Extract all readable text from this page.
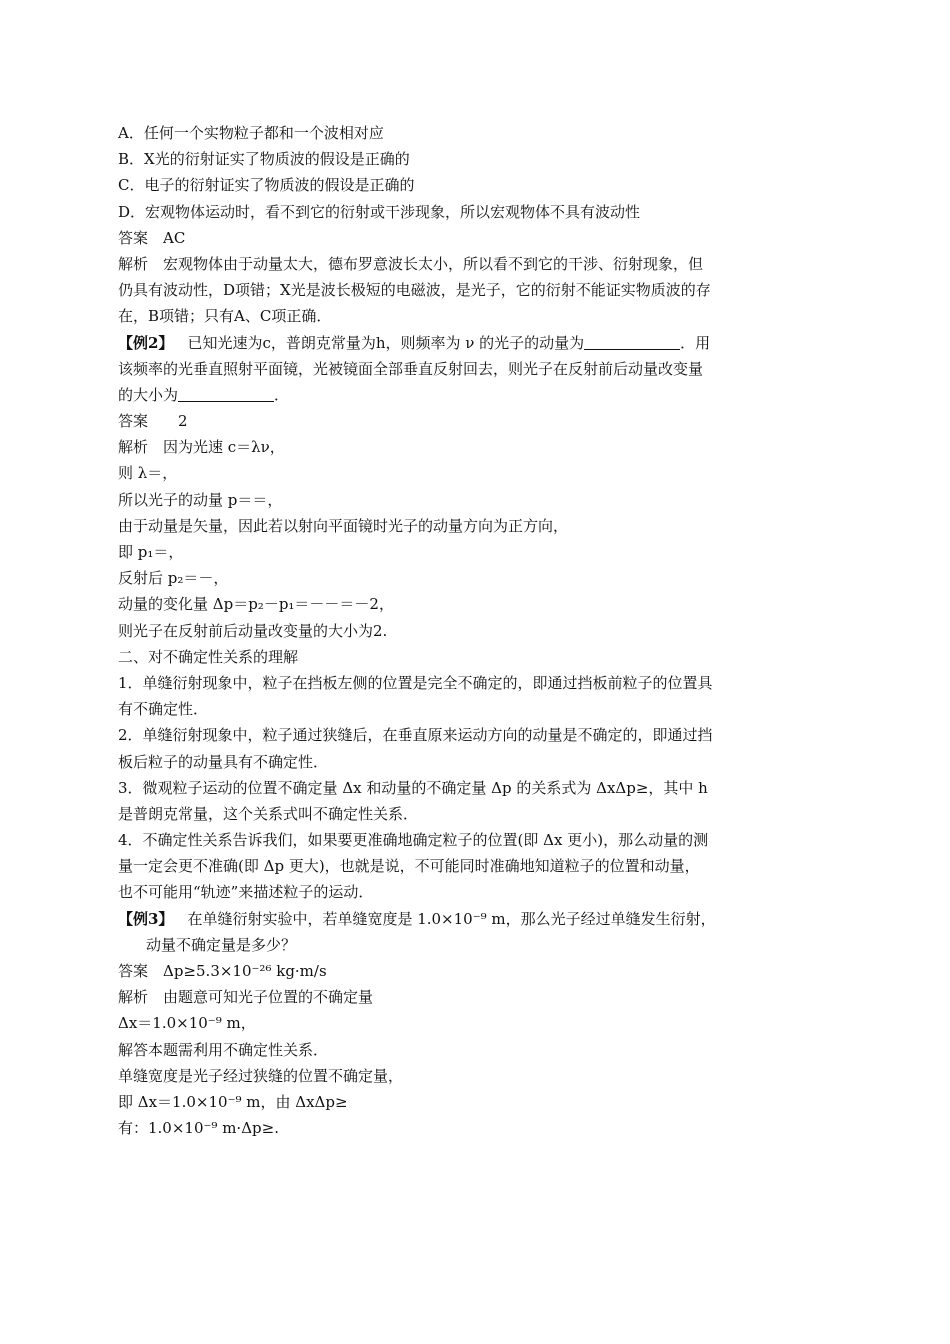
A．任何一个实物粒子都和一个波相对应
B．X光的衍射证实了物质波的假设是正确的
C．电子的衍射证实了物质波的假设是正确的
D．宏观物体运动时，看不到它的衍射或干涉现象，所以宏观物体不具有波动性
答案　AC
解析　宏观物体由于动量太大，德布罗意波长太小，所以看不到它的干涉、衍射现象，但
仍具有波动性，D项错；X光是波长极短的电磁波，是光子，它的衍射不能证实物质波的存
在，B项错；只有A、C项正确．
【例2】 已知光速为c，普朗克常量为h，则频率为 ν 的光子的动量为	．用
该频率的光垂直照射平面镜，光被镜面全部垂直反射回去，则光子在反射前后动量改变量
的大小为	．
答案　　2
解析　因为光速 c＝λν，
则 λ＝，
所以光子的动量 p＝＝，
由于动量是矢量，因此若以射向平面镜时光子的动量方向为正方向，
即 p₁＝，
反射后 p₂＝－，
动量的变化量 Δp＝p₂－p₁＝－－＝－2，
则光子在反射前后动量改变量的大小为2.
二、对不确定性关系的理解
1．单缝衍射现象中，粒子在挡板左侧的位置是完全不确定的，即通过挡板前粒子的位置具
有不确定性．
2．单缝衍射现象中，粒子通过狭缝后，在垂直原来运动方向的动量是不确定的，即通过挡
板后粒子的动量具有不确定性．
3．微观粒子运动的位置不确定量 Δx 和动量的不确定量 Δp 的关系式为 ΔxΔp≥，其中 h
是普朗克常量，这个关系式叫不确定性关系．
4．不确定性关系告诉我们，如果要更准确地确定粒子的位置(即 Δx 更小)，那么动量的测
量一定会更不准确(即 Δp 更大)，也就是说，不可能同时准确地知道粒子的位置和动量，
也不可能用“轨迹”来描述粒子的运动．
【例3】 在单缝衍射实验中，若单缝宽度是 1.0×10⁻⁹ m，那么光子经过单缝发生衍射，
动量不确定量是多少？
答案　Δp≥5.3×10⁻²⁶ kg·m/s
解析　由题意可知光子位置的不确定量
Δx＝1.0×10⁻⁹ m，
解答本题需利用不确定性关系．
单缝宽度是光子经过狭缝的位置不确定量，
即 Δx＝1.0×10⁻⁹ m，由 ΔxΔp≥
有：1.0×10⁻⁹ m·Δp≥.
